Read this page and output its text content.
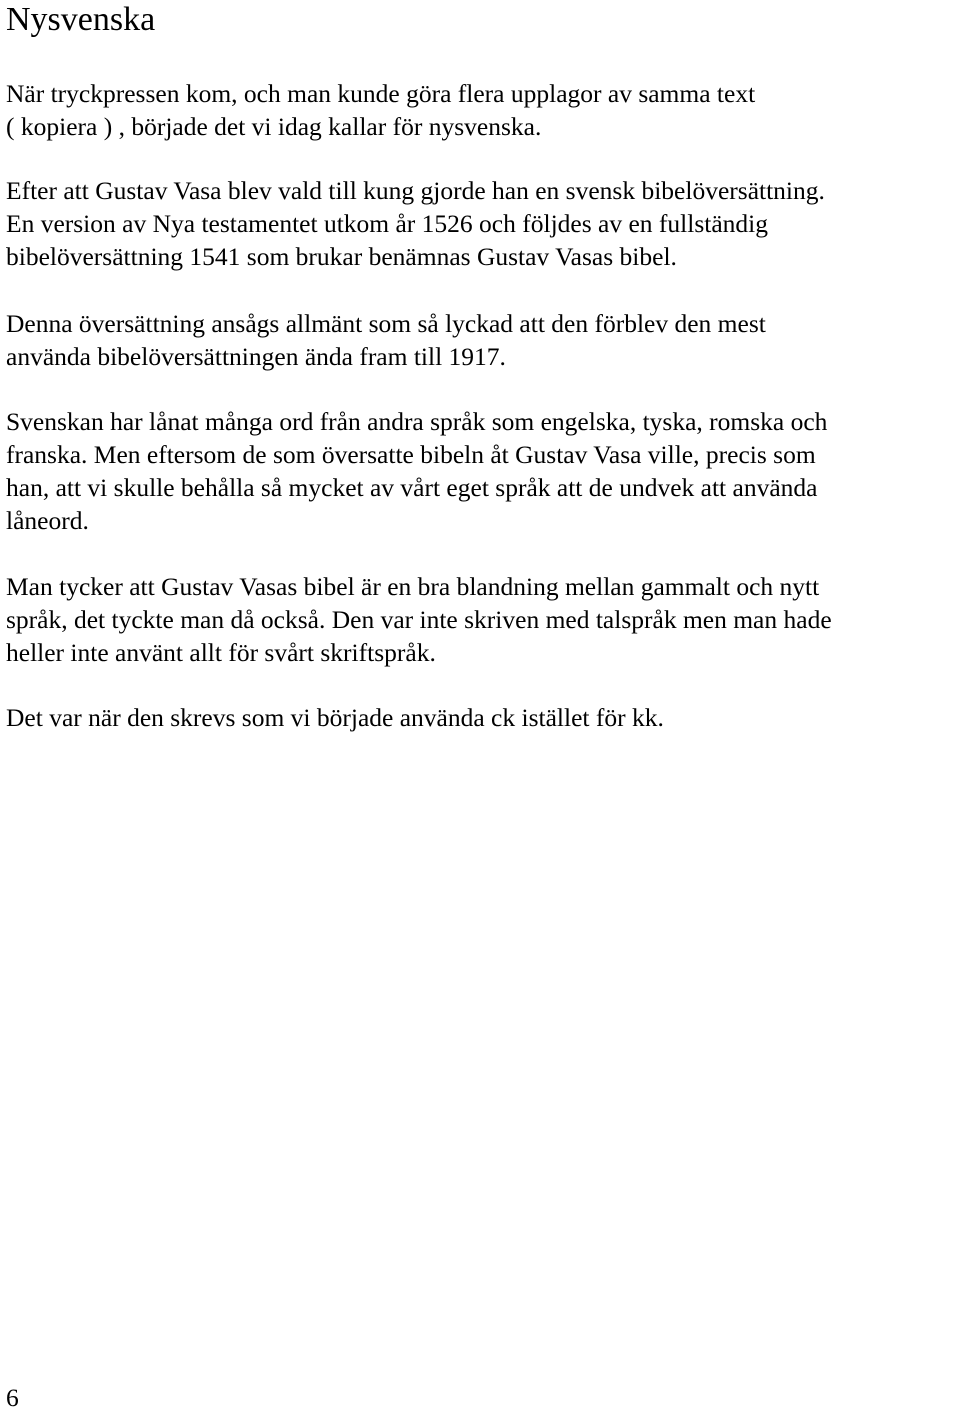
Nysvenska

När tryckpressen kom, och man kunde göra flera upplagor av samma text
( kopiera ) , började det vi idag kallar för nysvenska.

Efter att Gustav Vasa blev vald till kung gjorde han en svensk bibelöversättning.
En version av Nya testamentet utkom år 1526 och följdes av en fullständig
bibelöversättning 1541 som brukar benämnas Gustav Vasas bibel.

Denna översättning ansågs allmänt som så lyckad att den förblev den mest
använda bibelöversättningen ända fram till 1917.

Svenskan har lånat många ord från andra språk som engelska, tyska, romska och
franska. Men eftersom de som översatte bibeln åt Gustav Vasa ville, precis som
han, att vi skulle behålla så mycket av vårt eget språk att de undvek att använda
låneord.

Man tycker att Gustav Vasas bibel är en bra blandning mellan gammalt och nytt
språk, det tyckte man då också. Den var inte skriven med talspråk men man hade
heller inte använt allt för svårt skriftspråk.

Det var när den skrevs som vi började använda ck istället för kk.

6
